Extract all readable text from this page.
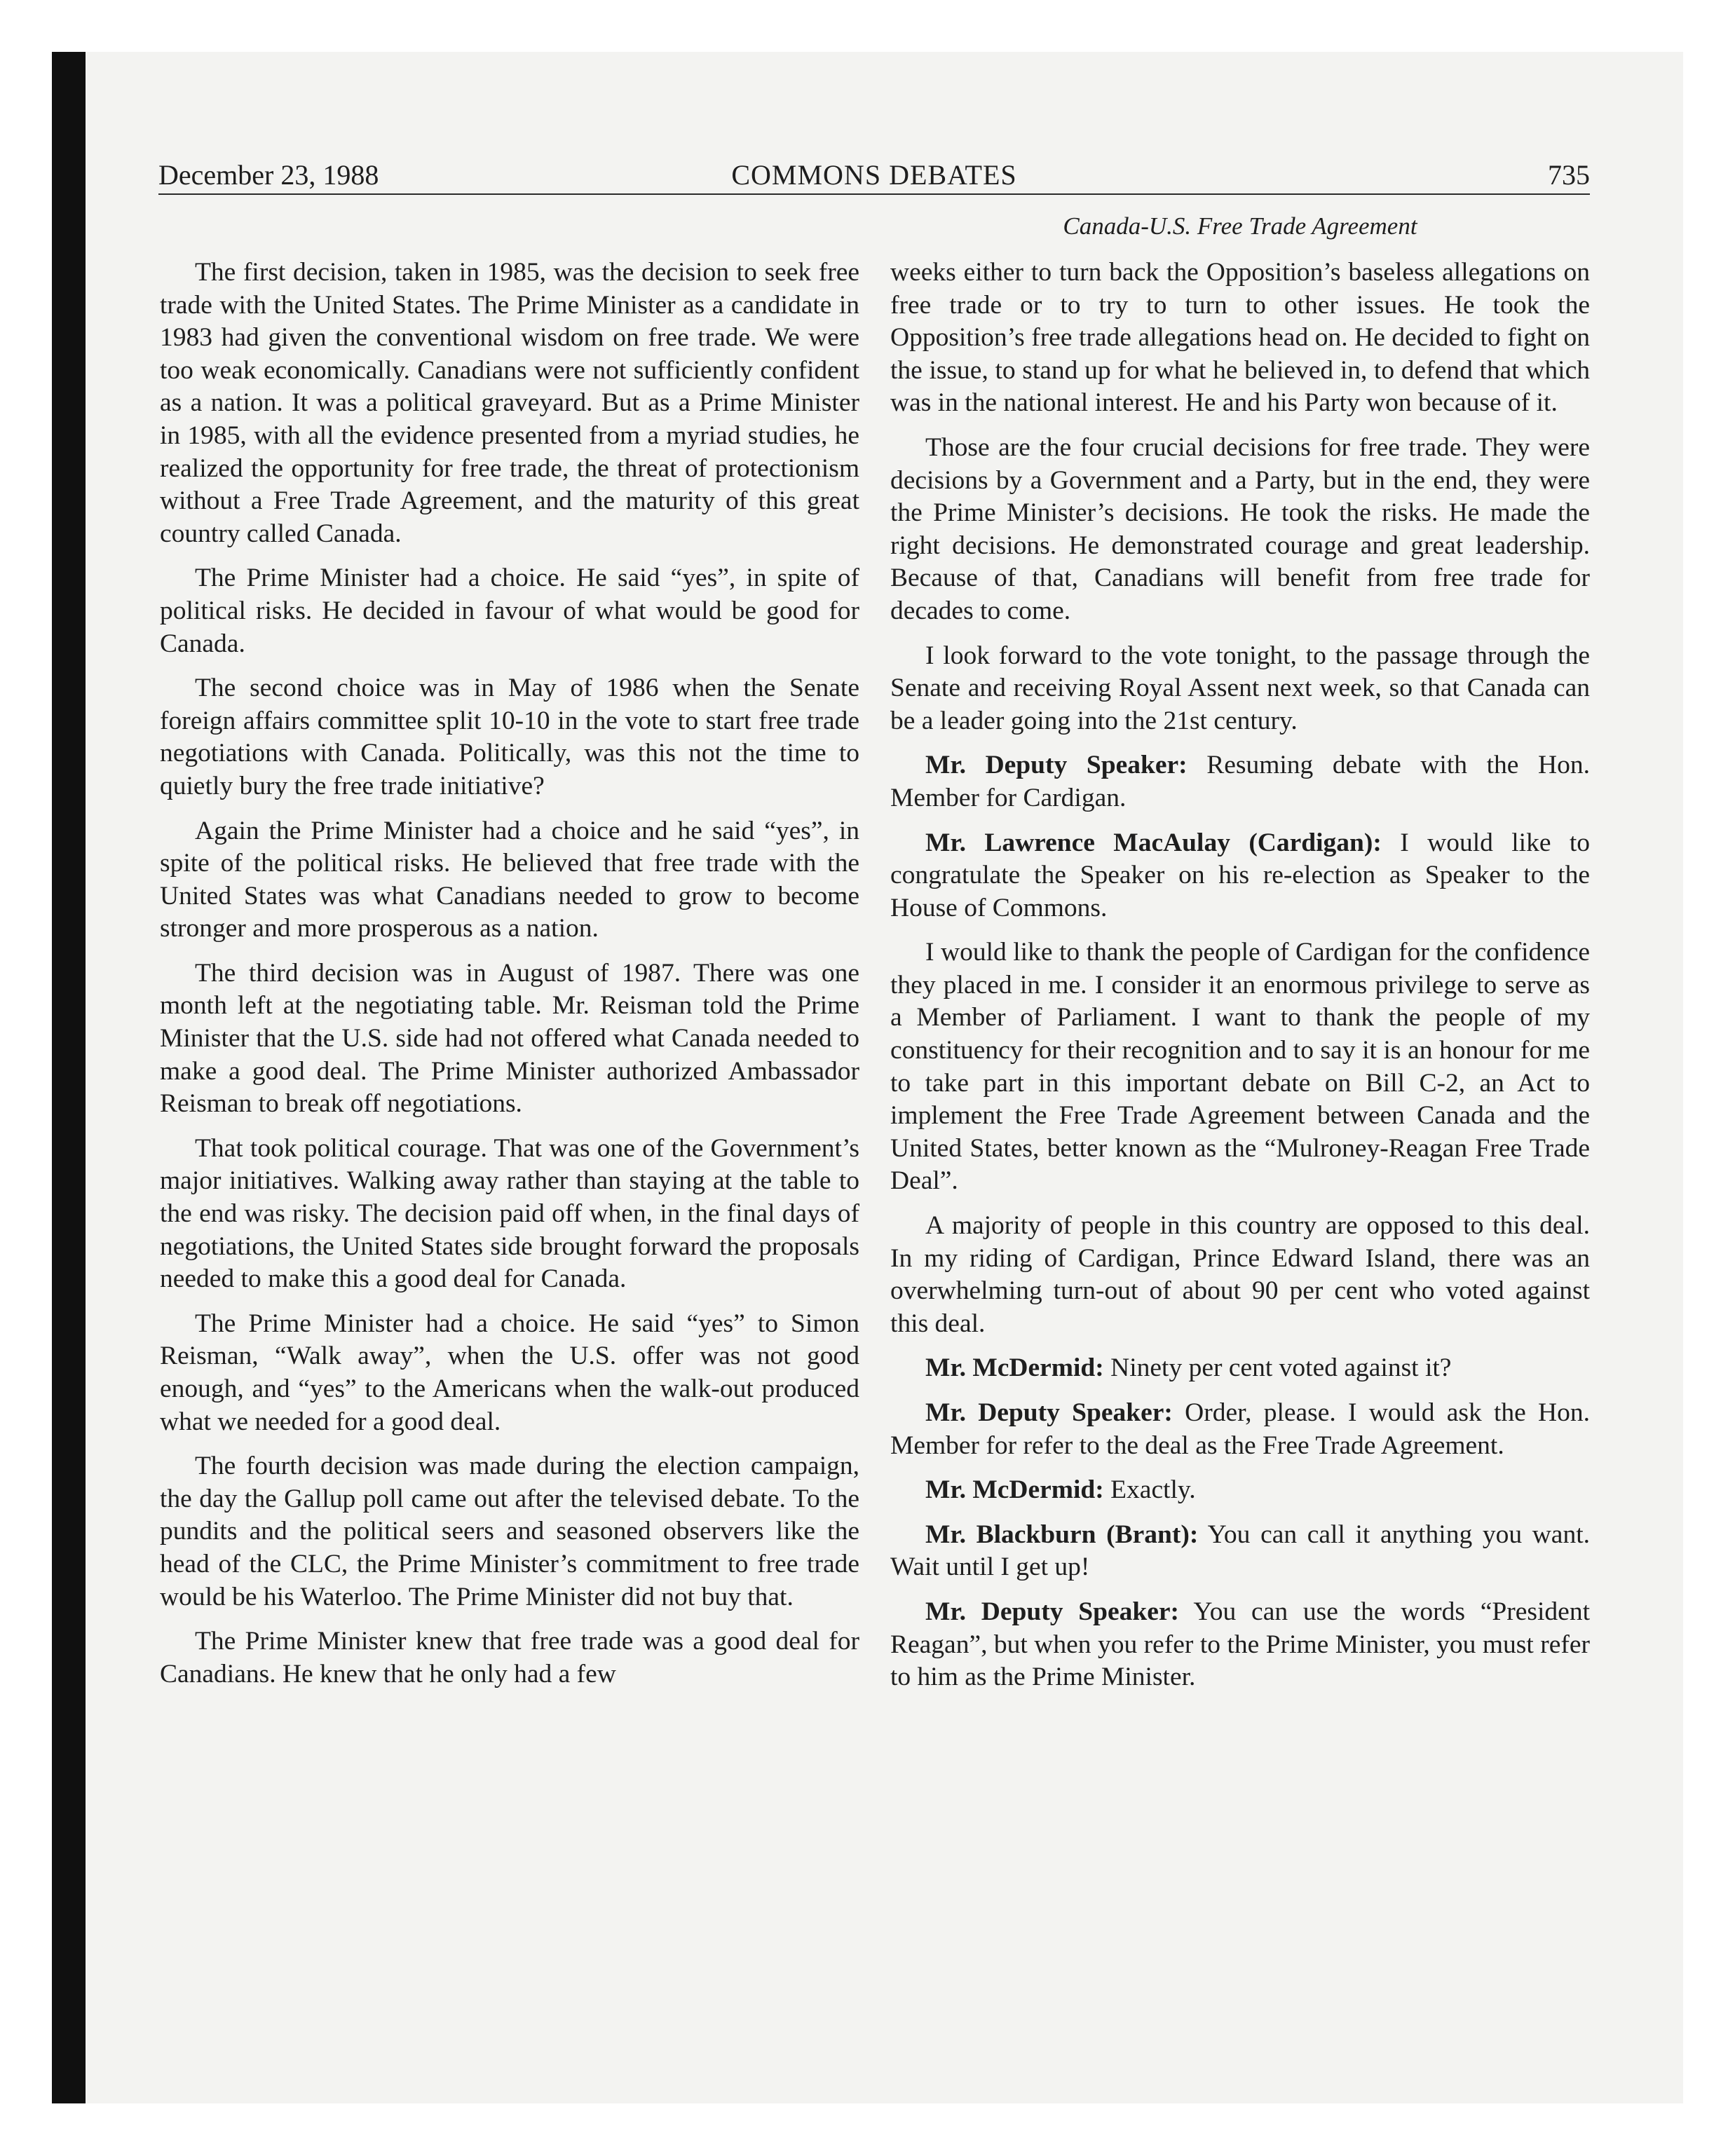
December 23, 1988	COMMONS DEBATES	735
Canada-U.S. Free Trade Agreement

The first decision, taken in 1985, was the decision to seek free trade with the United States. The Prime Minister as a candidate in 1983 had given the conventional wisdom on free trade. We were too weak economically. Canadians were not sufficiently confident as a nation. It was a political graveyard. But as a Prime Minister in 1985, with all the evidence presented from a myriad studies, he realized the opportunity for free trade, the threat of protectionism without a Free Trade Agreement, and the maturity of this great country called Canada.

The Prime Minister had a choice. He said “yes”, in spite of political risks. He decided in favour of what would be good for Canada.

The second choice was in May of 1986 when the Senate foreign affairs committee split 10-10 in the vote to start free trade negotiations with Canada. Politically, was this not the time to quietly bury the free trade initiative?

Again the Prime Minister had a choice and he said “yes”, in spite of the political risks. He believed that free trade with the United States was what Canadians needed to grow to become stronger and more prosperous as a nation.

The third decision was in August of 1987. There was one month left at the negotiating table. Mr. Reisman told the Prime Minister that the U.S. side had not offered what Canada needed to make a good deal. The Prime Minister authorized Ambassador Reisman to break off negotiations.

That took political courage. That was one of the Government’s major initiatives. Walking away rather than staying at the table to the end was risky. The decision paid off when, in the final days of negotiations, the United States side brought forward the proposals needed to make this a good deal for Canada.

The Prime Minister had a choice. He said “yes” to Simon Reisman, “Walk away”, when the U.S. offer was not good enough, and “yes” to the Americans when the walk-out produced what we needed for a good deal.

The fourth decision was made during the election campaign, the day the Gallup poll came out after the televised debate. To the pundits and the political seers and seasoned observers like the head of the CLC, the Prime Minister’s commitment to free trade would be his Waterloo. The Prime Minister did not buy that.

The Prime Minister knew that free trade was a good deal for Canadians. He knew that he only had a few

weeks either to turn back the Opposition’s baseless allegations on free trade or to try to turn to other issues. He took the Opposition’s free trade allegations head on. He decided to fight on the issue, to stand up for what he believed in, to defend that which was in the national interest. He and his Party won because of it.

Those are the four crucial decisions for free trade. They were decisions by a Government and a Party, but in the end, they were the Prime Minister’s decisions. He took the risks. He made the right decisions. He demonstrated courage and great leadership. Because of that, Canadians will benefit from free trade for decades to come.

I look forward to the vote tonight, to the passage through the Senate and receiving Royal Assent next week, so that Canada can be a leader going into the 21st century.

Mr. Deputy Speaker: Resuming debate with the Hon. Member for Cardigan.

Mr. Lawrence MacAulay (Cardigan): I would like to congratulate the Speaker on his re-election as Speaker to the House of Commons.

I would like to thank the people of Cardigan for the confidence they placed in me. I consider it an enormous privilege to serve as a Member of Parliament. I want to thank the people of my constituency for their recognition and to say it is an honour for me to take part in this important debate on Bill C-2, an Act to implement the Free Trade Agreement between Canada and the United States, better known as the “Mulroney-Reagan Free Trade Deal”.

A majority of people in this country are opposed to this deal. In my riding of Cardigan, Prince Edward Island, there was an overwhelming turn-out of about 90 per cent who voted against this deal.

Mr. McDermid: Ninety per cent voted against it?

Mr. Deputy Speaker: Order, please. I would ask the Hon. Member for refer to the deal as the Free Trade Agreement.

Mr. McDermid: Exactly.

Mr. Blackburn (Brant): You can call it anything you want. Wait until I get up!

Mr. Deputy Speaker: You can use the words “President Reagan”, but when you refer to the Prime Minister, you must refer to him as the Prime Minister.
